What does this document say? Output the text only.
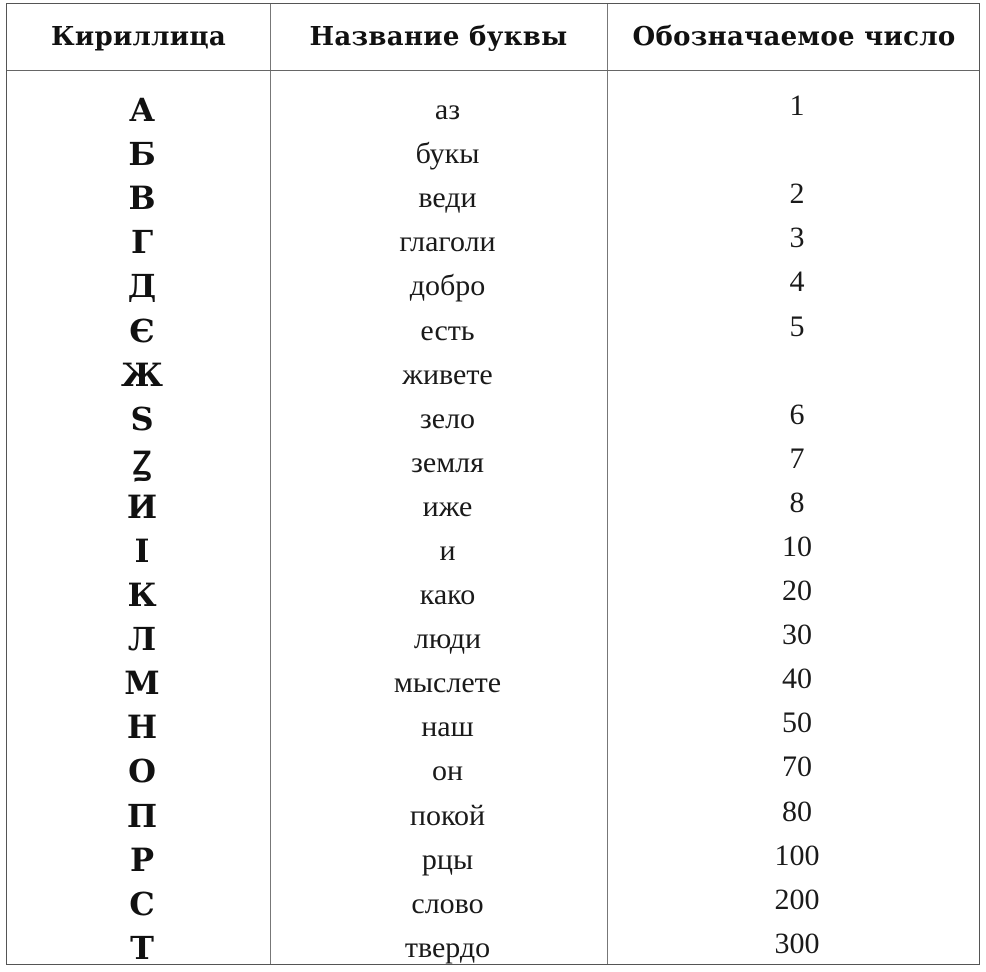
Кириллица	Название буквы	Обозначаемое число
А	аз	1
Б	букы
В	веди	2
Г	глаголи	3
Д	добро	4
Є	есть	5
Ж	живете
Ѕ	зело	6
Ꙁ	земля	7
И	иже	8
І	и	10
К	како	20
Л	люди	30
М	мыслете	40
Н	наш	50
О	он	70
П	покой	80
Р	рцы	100
С	слово	200
Т	твердо	300
